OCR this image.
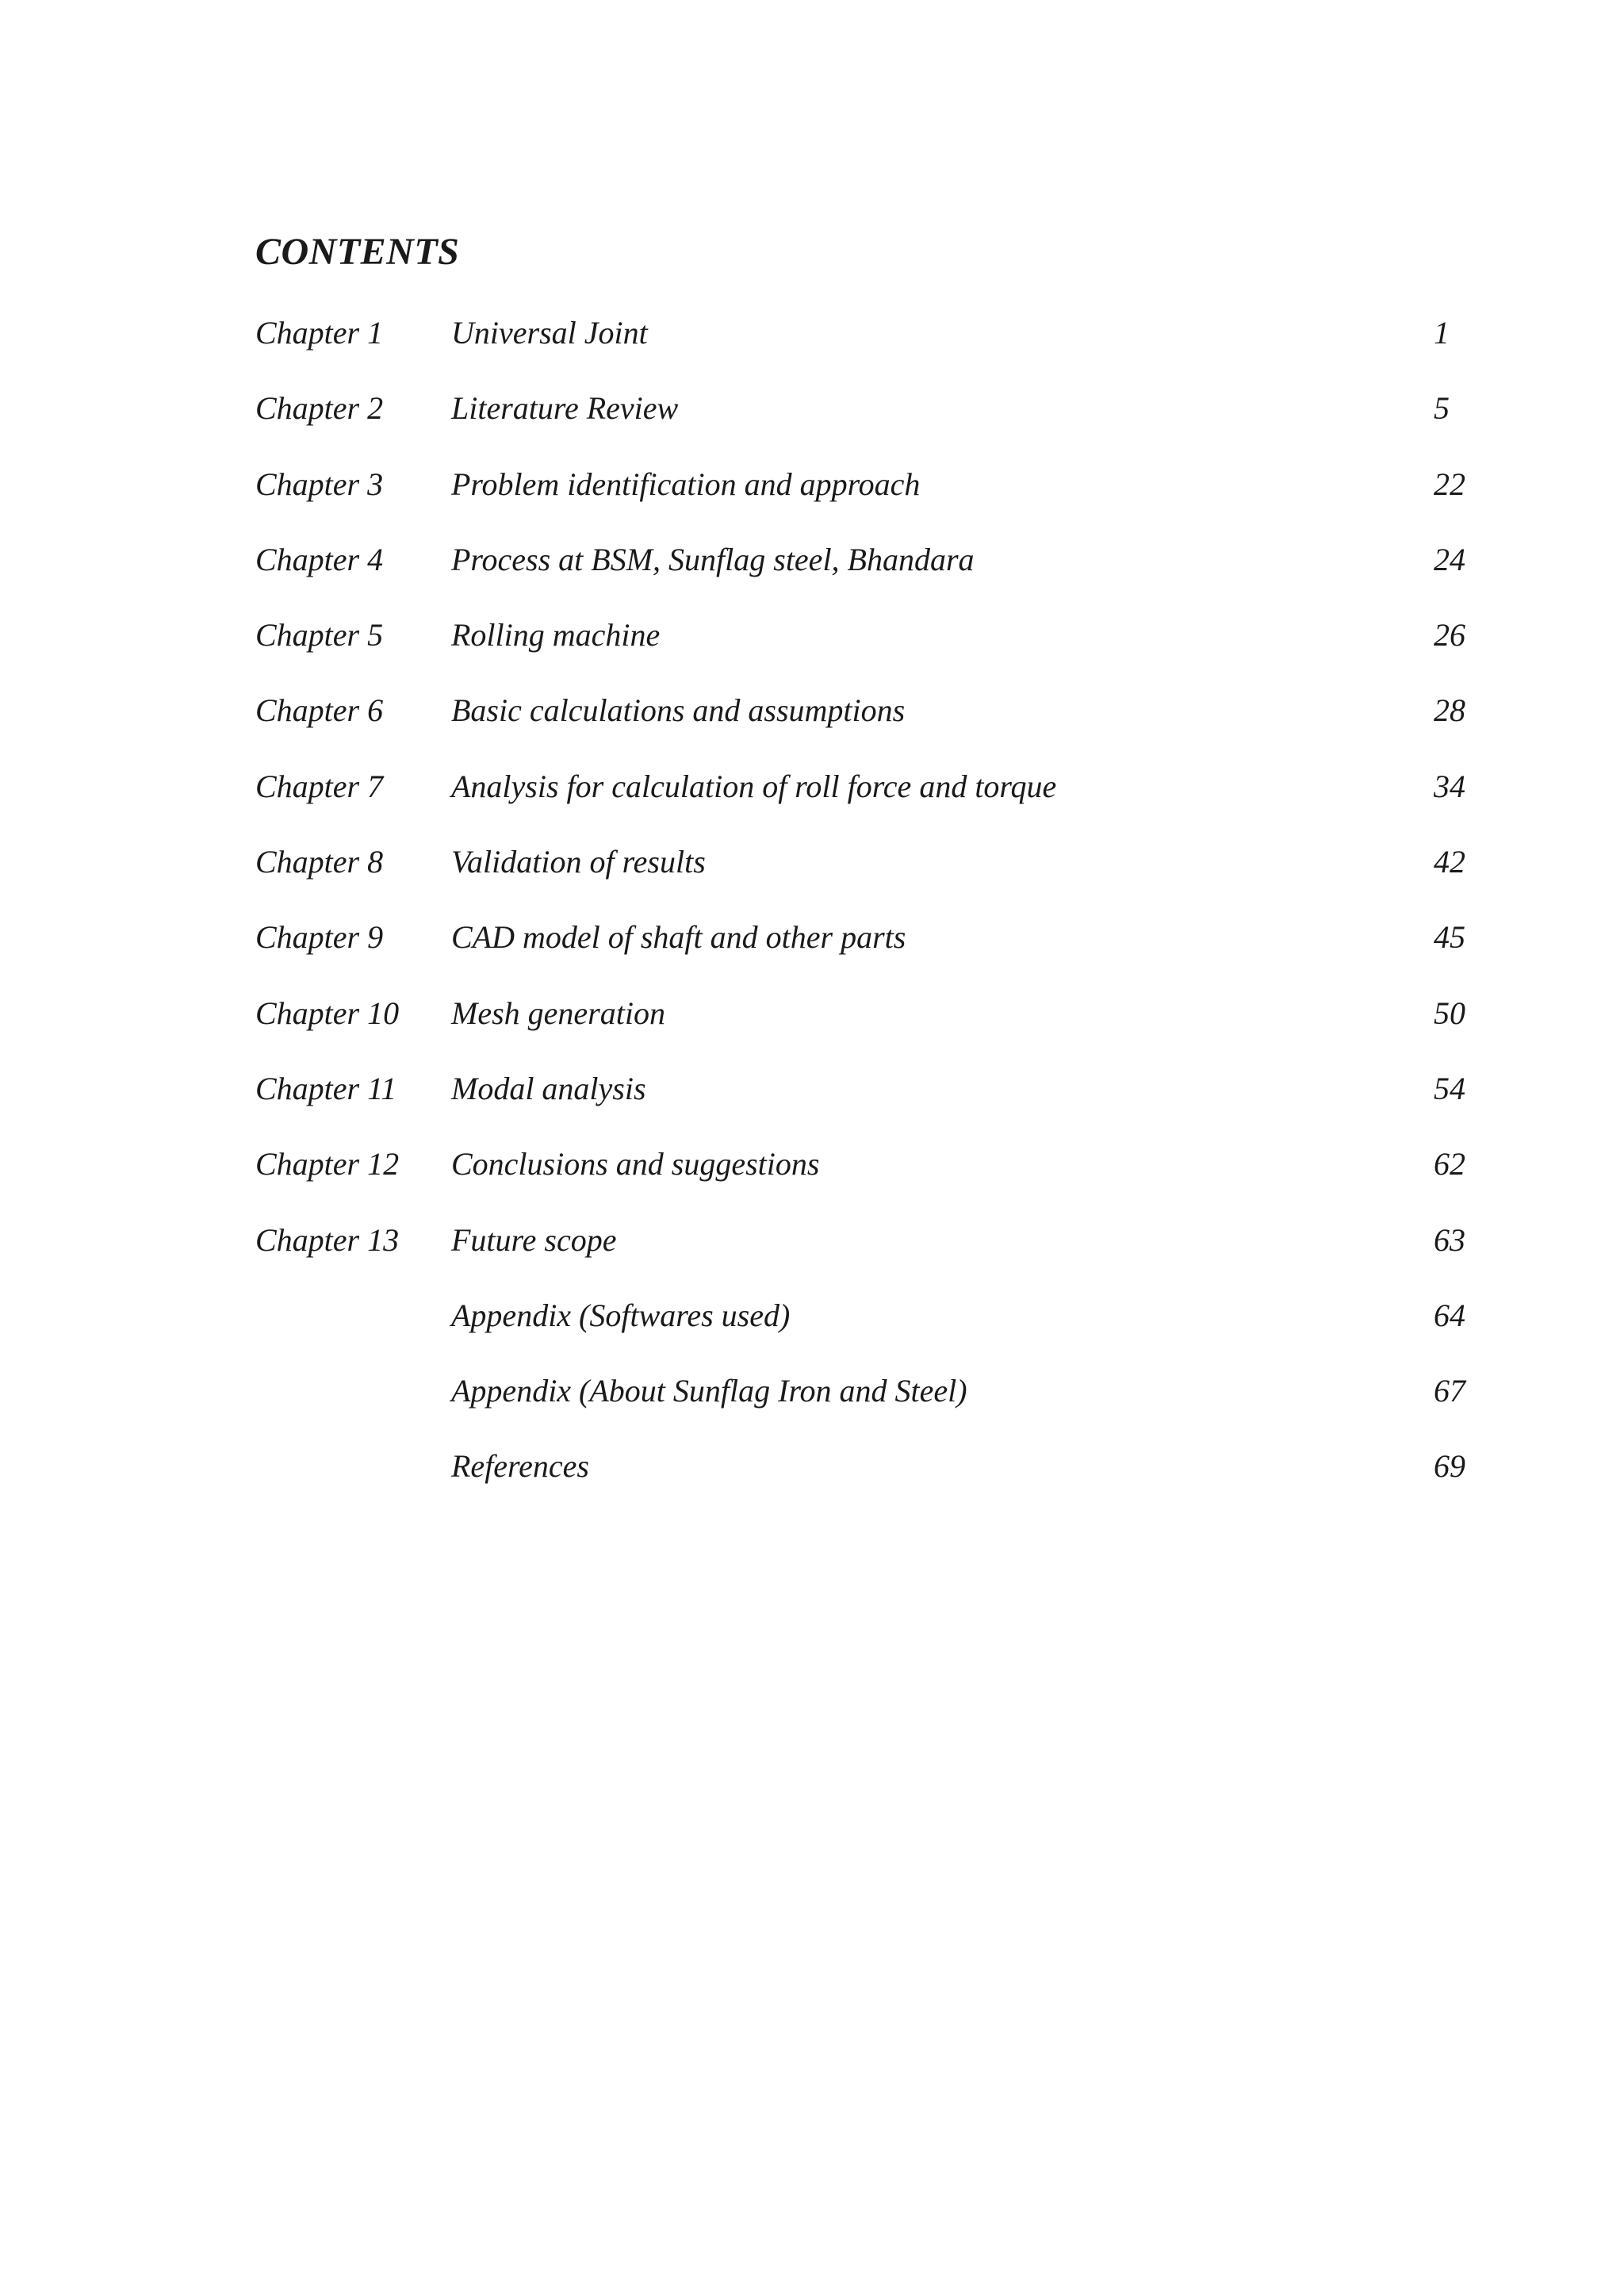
CONTENTS
Chapter 1 Universal Joint	1
Chapter 2 Literature Review	5
Chapter 3 Problem identification and approach	22
Chapter 4 Process at BSM, Sunflag steel, Bhandara	24
Chapter 5 Rolling machine	26
Chapter 6 Basic calculations and assumptions	28
Chapter 7 Analysis for calculation of roll force and torque	34
Chapter 8 Validation of results	42
Chapter 9 CAD model of shaft and other parts	45
Chapter 10 Mesh generation	50
Chapter 11 Modal analysis	54
Chapter 12 Conclusions and suggestions	62
Chapter 13 Future scope	63
Appendix (Softwares used)	64
Appendix (About Sunflag Iron and Steel)	67
References	69
